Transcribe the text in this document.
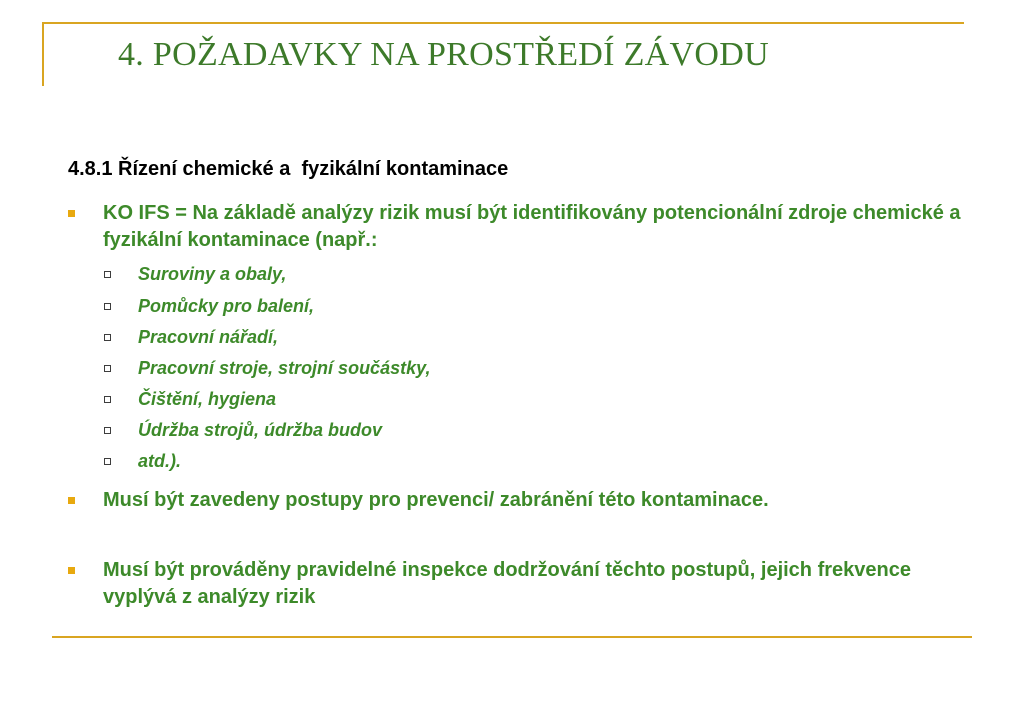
4. POŽADAVKY NA PROSTŘEDÍ ZÁVODU
4.8.1 Řízení chemické a  fyzikální kontaminace
KO IFS = Na základě analýzy rizik musí být identifikovány potencionální zdroje chemické a fyzikální kontaminace (např.:
Suroviny a obaly,
Pomůcky pro balení,
Pracovní nářadí,
Pracovní stroje, strojní součástky,
Čištění, hygiena
Údržba strojů, údržba budov
atd.).
Musí být zavedeny postupy pro prevenci/ zabránění této kontaminace.
Musí být prováděny pravidelné inspekce dodržování těchto postupů, jejich frekvence vyplývá z analýzy rizik
